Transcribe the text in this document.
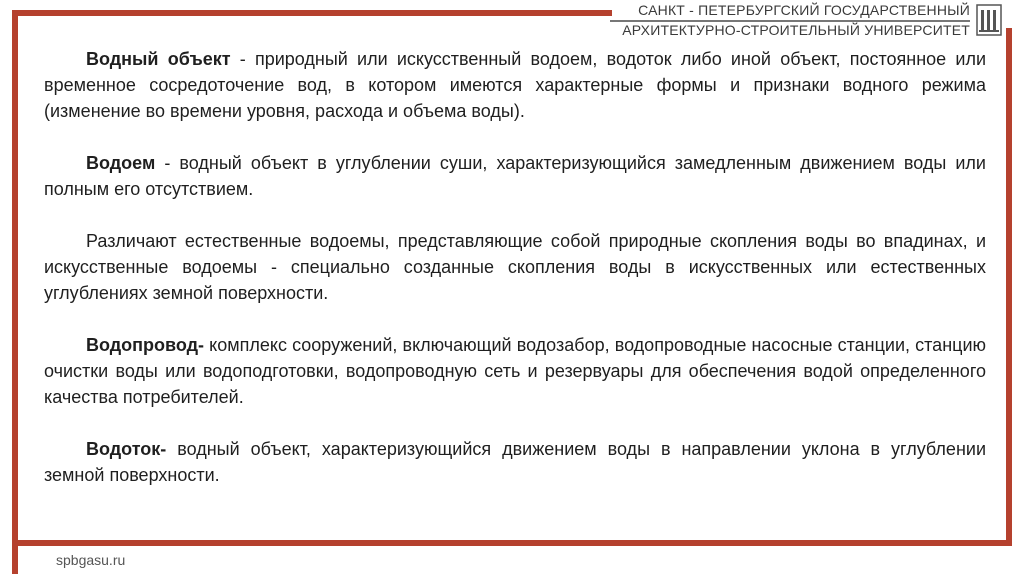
САНКТ - ПЕТЕРБУРГСКИЙ ГОСУДАРСТВЕННЫЙ
АРХИТЕКТУРНО-СТРОИТЕЛЬНЫЙ УНИВЕРСИТЕТ

Водный объект - природный или искусственный водоем, водоток либо иной объект, постоянное или временное сосредоточение вод, в котором имеются характерные формы и признаки водного режима (изменение во времени уровня, расхода и объема воды).

Водоем - водный объект в углублении суши, характеризующийся замедленным движением воды или полным его отсутствием.

Различают естественные водоемы, представляющие собой природные скопления воды во впадинах, и искусственные водоемы - специально созданные скопления воды в искусственных или естественных углублениях земной поверхности.

Водопровод- комплекс сооружений, включающий водозабор, водопроводные насосные станции, станцию очистки воды или водоподготовки, водопроводную сеть и резервуары для обеспечения водой определенного качества потребителей.

Водоток- водный объект, характеризующийся движением воды в направлении уклона в углублении земной поверхности.

spbgasu.ru
